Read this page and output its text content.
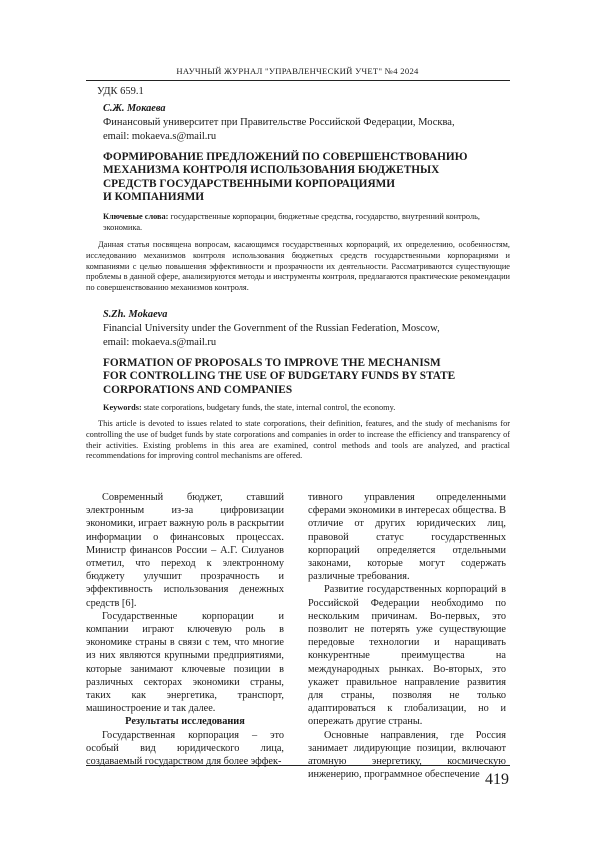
НАУЧНЫЙ ЖУРНАЛ "УПРАВЛЕНЧЕСКИЙ УЧЕТ" №4 2024
УДК 659.1
С.Ж. Мокаева
Финансовый университет при Правительстве Российской Федерации, Москва,
email: mokaeva.s@mail.ru
ФОРМИРОВАНИЕ ПРЕДЛОЖЕНИЙ ПО СОВЕРШЕНСТВОВАНИЮ
МЕХАНИЗМА КОНТРОЛЯ ИСПОЛЬЗОВАНИЯ БЮДЖЕТНЫХ
СРЕДСТВ ГОСУДАРСТВЕННЫМИ КОРПОРАЦИЯМИ
И КОМПАНИЯМИ
Ключевые слова: государственные корпорации, бюджетные средства, государство, внутренний контроль, экономика.
Данная статья посвящена вопросам, касающимся государственных корпораций, их определению, особенностям, исследованию механизмов контроля использования бюджетных средств государственными корпорациями и компаниями с целью повышения эффективности и прозрачности их деятельности. Рассматриваются существующие проблемы в данной сфере, анализируются методы и инструменты контроля, предлагаются практические рекомендации по совершенствованию механизмов контроля.
S.Zh. Mokaeva
Financial University under the Government of the Russian Federation, Moscow,
email: mokaeva.s@mail.ru
FORMATION OF PROPOSALS TO IMPROVE THE MECHANISM
FOR CONTROLLING THE USE OF BUDGETARY FUNDS BY STATE
CORPORATIONS AND COMPANIES
Keywords: state corporations, budgetary funds, the state, internal control, the economy.
This article is devoted to issues related to state corporations, their definition, features, and the study of mechanisms for controlling the use of budget funds by state corporations and companies in order to increase the efficiency and transparency of their activities. Existing problems in this area are examined, control methods and tools are analyzed, and practical recommendations for improving control mechanisms are offered.

Современный бюджет, ставший электронным из-за цифровизации экономики, играет важную роль в раскрытии информации о финансовых процессах. Министр финансов России – А.Г. Силуанов отметил, что переход к электронному бюджету улучшит прозрачность и эффективность использования денежных средств [6].

Государственные корпорации и компании играют ключевую роль в экономике страны в связи с тем, что многие из них являются крупными предприятиями, которые занимают ключевые позиции в различных секторах экономики страны, таких как энергетика, транспорт, машиностроение и так далее.

Результаты исследования

Государственная корпорация – это особый вид юридического лица, создаваемый государством для более эффек-

тивного управления определенными сферами экономики в интересах общества. В отличие от других юридических лиц, правовой статус государственных корпораций определяется отдельными законами, которые могут содержать различные требования.

Развитие государственных корпораций в Российской Федерации необходимо по нескольким причинам. Во-первых, это позволит не потерять уже существующие передовые технологии и наращивать конкурентные преимущества на международных рынках. Во-вторых, это укажет правильное направление развития для страны, позволяя не только адаптироваться к глобализации, но и опережать другие страны.

Основные направления, где Россия занимает лидирующие позиции, включают атомную энергетику, космическую инженерию, программное обеспечение 419
